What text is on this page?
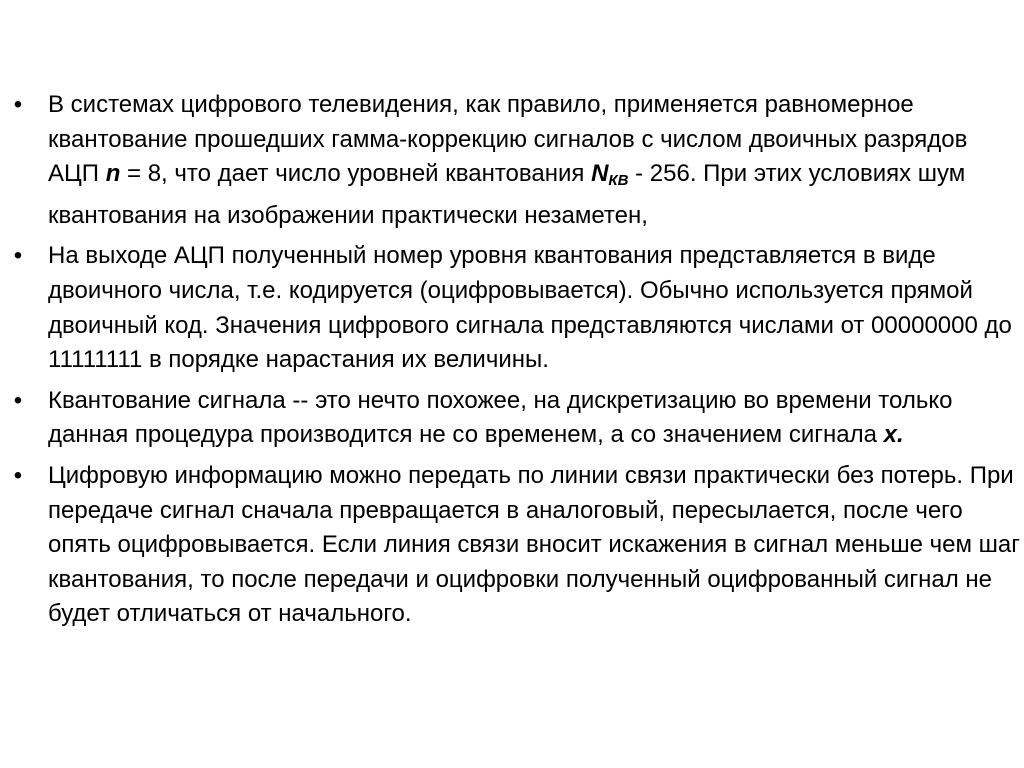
• В системах цифрового телевидения, как правило, применяется равномерное квантование прошедших гамма-коррекцию сигналов с числом двоичных разрядов АЦП n = 8, что дает число уровней квантования $N_{КВ} - 256$. При этих условиях шум квантования на изображении практически незаметен,
• На выходе АЦП полученный номер уровня квантования представляется в виде двоичного числа, т.е. кодируется (оцифровывается). Обычно используется прямой двоичный код. Значения цифрового сигнала представляются числами от 00000000 до 11111111 в порядке нарастания их величины.
• Квантование сигнала -- это нечто похожее, на дискретизацию во времени только данная процедура производится не со временем, а со значением сигнала x.
• Цифровую информацию можно передать по линии связи практически без потерь. При передаче сигнал сначала превращается в аналоговый, пересылается, после чего опять оцифровывается. Если линия связи вносит искажения в сигнал меньше чем шаг квантования, то после передачи и оцифровки полученный оцифрованный сигнал не будет отличаться от начального.
